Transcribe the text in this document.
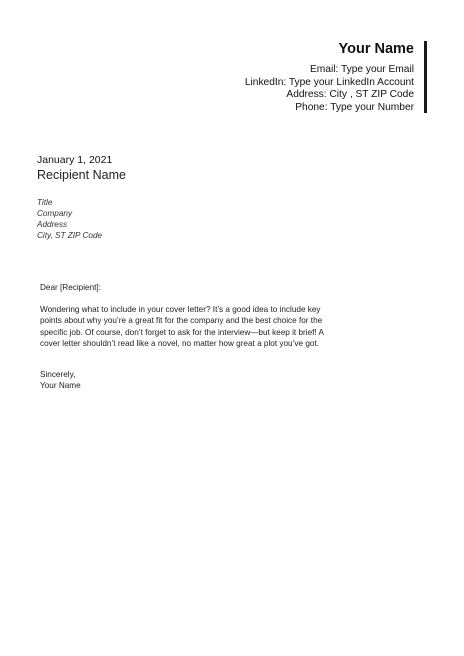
Your Name
Email: Type your Email
LinkedIn: Type your LinkedIn Account
Address: City , ST ZIP Code
Phone: Type your Number
January 1, 2021
Recipient Name
Title
Company
Address
City, ST ZIP Code
Dear [Recipient]:
Wondering what to include in your cover letter? It’s a good idea to include key points about why you’re a great fit for the company and the best choice for the specific job. Of course, don’t forget to ask for the interview—but keep it brief! A cover letter shouldn’t read like a novel, no matter how great a plot you’ve got.
Sincerely,
Your Name
